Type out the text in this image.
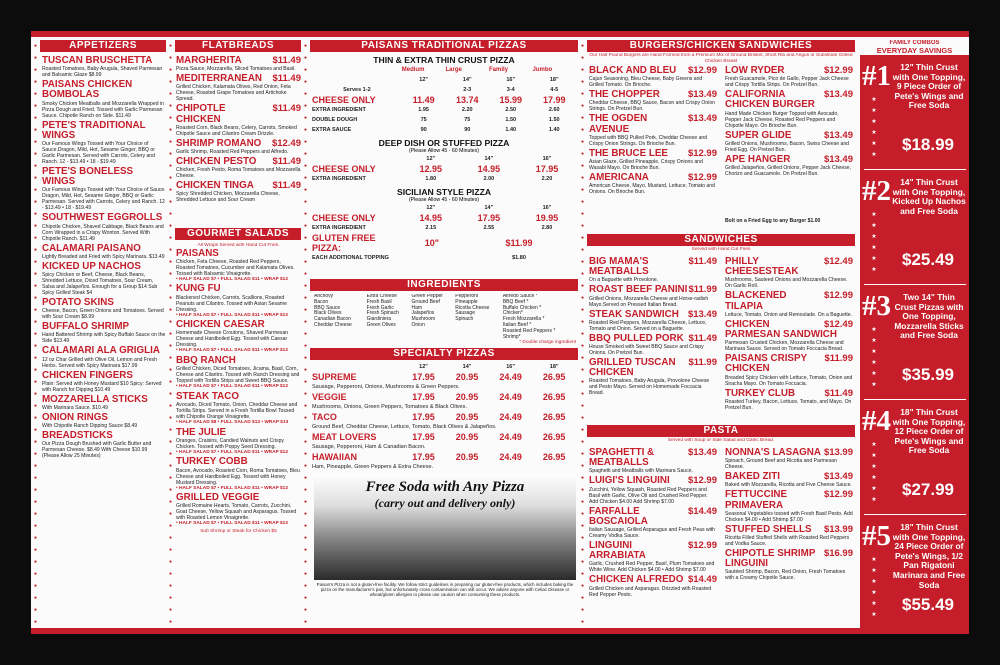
● ● ● ● ● ● ● ● ● ● ● ● ● ● ● ● ● ● ● ● ● ● ● ● ● ● ● ● ● ● ● ● ● ● ● ● ● ● ● ● ● ● ● ● ● ● ● ● ●
● ● ● ● ● ● ● ● ● ● ● ● ● ● ● ● ● ● ● ● ● ● ● ● ● ● ● ● ● ● ● ● ● ● ● ● ● ● ● ● ● ● ● ● ● ● ● ● ●
● ● ● ● ● ● ● ● ● ● ● ● ● ● ● ● ● ● ● ● ● ● ● ● ● ● ● ● ● ● ● ● ● ● ● ● ● ● ● ● ● ● ● ● ● ● ● ● ●
● ● ● ● ● ● ● ● ● ● ● ● ● ● ● ● ● ● ● ● ● ● ● ● ● ● ● ● ● ● ● ● ● ● ● ● ● ● ● ● ● ● ● ● ● ● ● ● ●
APPETIZERS
TUSCAN BRUSCHETTA
Roasted Tomatoes, Baby Arugula, Shaved Parmesan and Balsamic Glaze $8.99
PAISANS CHICKEN BOMBOLAS
Smoky Chicken Meatballs and Mozzarella Wrapped in Pizza Dough and Fried. Tossed with Garlic Parmesan Sauce. Chipotle Ranch on Side. $11.49
PETE'S TRADITIONAL WINGS
Our Famous Wings Tossed with Your Choice of Sauce.Dragon, Mild, Hot, Sesame Ginger, BBQ or Garlic Parmesan. Served with Carrots, Celery and Ranch. 12 - $13.49 • 18 - $19.49
PETE'S BONELESS WINGS
Our Famous Wings Tossed with Your Choice of Sauce. Dragon, Mild, Hot, Sesame Ginger, BBQ or Garlic Parmesan. Served with Carrots, Celery and Ranch. 12 - $13.49 • 18 - $19.49
SOUTHWEST EGGROLLS
Chipotle Chicken, Shaved Cabbage, Black Beans and Corn Wrapped in a Crispy Wonton. Served With Chipotle Ranch. $11.49
CALAMARI PAISANO
Lightly Breaded and Fried with Spicy Marinara. $13.49
KICKED UP NACHOS
Spicy Chicken or Beef, Cheese, Black Beans, Shredded Lettuce, Diced Tomatoes, Sour Cream, Salsa and Jalapeños. Enough for a Group $14 Sub Spicy Grilled Steak $4
POTATO SKINS
Cheese, Bacon, Green Onions and Tomatoes. Served with Sour Cream $8.99
BUFFALO SHRIMP
Hand Battered Shrimp with Spicy Buffalo Sauce on the Side $13.49
CALAMARI ALA GRIGLIA
12 oz Char Grilled with Olive Oil, Lemon and Fresh Herbs. Served with Spicy Marinara $17.99
CHICKEN FINGERS
Plain: Served with Honey Mustard $10 Spicy: Served with Ranch for Dipping $10.49
MOZZARELLA STICKS
With Marinara Sauce. $10.49
ONION RINGS
With Chipotle Ranch Dipping Sauce $8.49
BREADSTICKS
Our Pizza Dough Brushed with Garlic Butter and Parmesan Cheese. $8.49 With Cheese $10.99 (Please Allow 25 Minutes)
FLATBREADS
$11.49
MARGHERITA
Pizza Sauce, Mozzarella, Sliced Tomatoes and Basil.
$11.49
MEDITERRANEAN
Grilled Chicken, Kalamata Olives, Red Onion, Feta Cheese, Roasted Grape Tomatoes and Artichoke Spread.
$11.49
CHIPOTLE CHICKEN
Roasted Corn, Black Beans, Celery, Carrots, Smoked Chipotle Sauce and Cilantro Cream Drizzle.
$12.49
SHRIMP ROMANO
Garlic Shrimp, Roasted Red Peppers and Alfredo.
$11.49
CHICKEN PESTO
Chicken, Fresh Pesto, Roma Tomatoes and Mozzarella Cheese.
$11.49
CHICKEN TINGA
Spicy Shredded Chicken, Mozzarella Cheese, Shredded Lettuce and Sour Cream
GOURMET SALADS
All Wraps Served with Hand Cut Fries.
PAISANS
Chicken, Feta Cheese, Roasted Red Peppers, Roasted Tomatoes, Cucumber and Kalamata Olives. Tossed with Balsamic Vinaigrette.
• HALF SALAD $7 • FULL SALAD $11 • WRAP $12
KUNG FU
Blackened Chicken, Carrots, Scallions, Roasted Peanuts and Cilantro. Tossed with Asian Sesame Dressing.
• HALF SALAD $7 • FULL SALAD $11 • WRAP $12
CHICKEN CAESAR
Homemade Cheese Croutons, Shaved Parmesan Cheese and Hardboiled Egg. Tossed with Caesar Dressing.
• HALF SALAD $7 • FULL SALAD $11 • WRAP $12
BBQ RANCH
Grilled Chicken, Diced Tomatoes, Jicama, Basil, Corn, Cheese and Cilantro. Tossed with Ranch Dressing and Topped with Tortilla Strips and Sweet BBQ Sauce.
• HALF SALAD $7 • FULL SALAD $11 • WRAP $12
STEAK TACO
Avocado, Diced Tomato, Onion, Cheddar Cheese and Tortilla Strips. Served in a Fresh Tortilla Bowl Tossed with Chipotle Orange Vinaigrette.
• HALF SALAD $8 • FULL SALAD $13 • WRAP $13
THE JULIE
Oranges, Craisins, Candied Walnuts and Crispy Chicken. Tossed with Poppy Seed Dressing.
• HALF SALAD $7 • FULL SALAD $11 • WRAP $12
TURKEY COBB
Bacon, Avocado, Roasted Corn, Roma Tomatoes, Bleu Cheese and Hardboiled Egg. Tossed with Honey Mustard Dressing.
• HALF SALAD $7 • FULL SALAD $11 • WRAP $12
GRILLED VEGGIE
Grilled Romaine Hearts, Tomato, Carrots, Zucchini, Goat Cheese, Yellow Squash and Asparagus. Tossed with Roasted Lemon Vinaigrette.
• HALF SALAD $7 • FULL SALAD $11 • WRAP $12
Sub Shrimp or Steak for Chicken $5
PAISANS TRADITIONAL PIZZAS
THIN & EXTRA THIN CRUST PIZZA
	Medium	Large	Family	Jumbo
	12"	14"	16"	18"
Serves 1-2		2-3	3-4	4-5
CHEESE ONLY	11.49	13.74	15.99	17.99
EXTRA INGREDIENT	1.95	2.20	2.50	2.60
DOUBLE DOUGH	75	75	1.50	1.50
EXTRA SAUCE	90	90	1.40	1.40
DEEP DISH OR STUFFED PIZZA
(Please Allow 45 - 60 Minutes)
	12"	14"	16"
CHEESE ONLY	12.95	14.95	17.95
EXTRA INGREDIENT	1.80	2.00	2.20
SICILIAN STYLE PIZZA
(Please Allow 45 - 60 Minutes)
	12"	14"	16"
CHEESE ONLY	14.95	17.95	19.95
EXTRA INGREDIENT	2.15	2.55	2.80
GLUTEN FREE PIZZA:	10"	$11.99
EACH ADDITIONAL TOPPING		$1.80
INGREDIENTS
Anchovy
Bacon
BBQ Sauce
Black Olives
Canadian Bacon
Cheddar Cheese

Extra Cheese
Fresh Basil
Fresh Garlic
Fresh Spinach
Giardiniera
Green Olives

Green Pepper
Ground Beef
Ham
Jalapeños
Mushroom
Onion

Pepperoni
Pineapple
Ricotta Cheese
Sausage
Spinach

Alfredo Sauce *
BBQ Beef *
Buffalo Chicken *
Chicken*
Fresh Mozzarella *
Italian Beef *
Roasted Red Peppers *
Shrimp*
* Double charge ingredient
SPECIALTY PIZZAS
	12"	14"	16"	18"
SUPREME	17.95	20.95	24.49	26.95
Sausage, Pepperoni, Onions, Mushrooms & Green Peppers.				
VEGGIE	17.95	20.95	24.49	26.95
Mushrooms, Onions, Green Peppers, Tomatoes & Black Olives.				
TACO	17.95	20.95	24.49	26.95
Ground Beef, Cheddar Cheese, Lettuce, Tomato, Black Olives & Jalapeños.				
MEAT LOVERS	17.95	20.95	24.49	26.95
Sausage, Pepperoni, Ham & Canadian Bacon.				
HAWAIIAN	17.95	20.95	24.49	26.95
Ham, Pineapple, Green Peppers & Extra Cheese.				

Free Soda with Any Pizza
(carry out and delivery only)
Paisan's Pizza is not a gluten-free facility. We follow strict guidelines in preparing our gluten-free products, which includes baking the pizza on the manufacturer's pan, but unfortunately cross contamination can still occur. We advise anyone with Celiac Disease or wheat/gluten allergies to please use caution when consuming these products.
BURGERS/CHICKEN SANDWICHES
Our Half Pound Burgers are Hand Formed from a Premium Mix of Ground Brisket, Short Rib and Angus or Substitute Grilled Chicken Breast
$12.99
BLACK AND BLEU
Cajun Seasoning, Bleu Cheese, Baby Greens and Grilled Tomato. On Brioche.
$13.49
THE CHOPPER
Cheddar Cheese, BBQ Sauce, Bacon and Crispy Onion Strings. On Pretzel Bun.
$13.49
THE OGDEN AVENUE
Topped with BBQ Pulled Pork, Cheddar Cheese and Crispy Onion Strings. On Brioche Bun.
$12.99
THE BRUCE LEE
Asian Glaze, Grilled Pineapple, Crispy Onions and Wasabi Mayo. On Brioche Bun.
$12.99
AMERICANA
American Cheese, Mayo, Mustard, Lettuce, Tomato and Onions. On Brioche Bun.
$12.99
LOW RYDER
Fresh Guacamole, Pico de Gallo, Pepper Jack Cheese and Crispy Tortilla Strips. On Pretzel Bun.
$13.49
CALIFORNIA CHICKEN BURGER
Hand Made Chicken Burger Topped with Avocado, Pepper Jack Cheese, Roasted Red Peppers and Chipotle Mayo. On Brioche Bun.
$13.49
SUPER GLIDE
Grilled Onions, Mushrooms, Bacon, Swiss Cheese and Fried Egg. On Pretzel Bun.
$13.49
APE HANGER
Grilled Jalapeños, Grilled Onions, Pepper Jack Cheese, Chorizo and Guacamole. On Pretzel Bun.
Bolt on a Fried Egg to any Burger $1.00
SANDWICHES
Served with Hand Cut Fries
$11.49
BIG MAMA'S MEATBALLS
On a Baguette with Provolone.
$11.99
ROAST BEEF PANINI
Grilled Onions, Mozzarella Cheese and Horse-radish Mayo.Served on Pressed Italian Bread.
$13.49
STEAK SANDWICH
Roasted Red Peppers, Mozzarella Cheese, Lettuce, Tomato and Onion. Served on a Baguette.
$11.49
BBQ PULLED PORK
House Smoked with Sweet BBQ Sauce and Crispy Onions. On Pretzel Bun.
$11.99
GRILLED TUSCAN CHICKEN
Roasted Tomatoes, Baby Arugula, Provolone Cheese and Pesto Mayo. Served on Homemade Foccacia Bread.
$12.49
PHILLY CHEESESTEAK
Mushrooms, Sauteed Onions and Mozzarella Cheese. On Garlic Roll.
$12.99
BLACKENED TILAPIA
Lettuce, Tomato, Onion and Remoulade. On a Baguette.
$12.49
CHICKEN PARMESAN SANDWICH
Parmesan Crusted Chicken, Mozzarella Cheese and Marinara Sauce. Served on Tomato Foccacia Bread.
$11.99
PAISANS CRISPY CHICKEN
Breaded Spicy Chicken with Lettuce, Tomato, Onion and Siracha Mayo. On Tomato Foccacia.
$11.49
TURKEY CLUB
Roasted Turkey, Bacon, Lettuce, Tomato, and Mayo. On Pretzel Bun.
PASTA
Served with Soup or Side Salad and Garlic Bread.
$13.49
SPAGHETTI & MEATBALLS
Spaghetti and Meatballs with Marinara Sauce.
$12.99
LUIGI'S LINGUINI
Zucchini, Yellow Squash, Roasted Red Peppers and Basil with Garlic, Olive Oil and Crushed Red Pepper. Add Chicken $4.00 Add Shrimp $7.00
$14.49
FARFALLE BOSCAIOLA
Italian Sausage, Grilled Asparagus and Fresh Peas with Creamy Vodka Sauce.
$12.99
LINGUINI ARRABIATA
Garlic, Crushed Red Pepper, Basil, Plum Tomatoes and White Wine. Add Chicken $4.00 • Add Shrimp $7.00
$14.49
CHICKEN ALFREDO
Grilled Chicken and Asparagus. Drizzled with Roasted Red Pepper Pesto.
$13.99
NONNA'S LASAGNA
Spinach, Ground Beef and Ricotta and Parmesan Cheese.
$13.49
BAKED ZITI
Baked with Mozzarella, Ricotta and Five Cheese Sauce.
$12.99
FETTUCCINE PRIMAVERA
Seasonal Vegetables tossed with Fresh Basil Pesto. Add Chicken $4.00 • Add Shrimp $7.00
$13.99
STUFFED SHELLS
Ricotta Filled Stuffed Shells with Roasted Red Peppers and Vodka Sauce.
$16.99
CHIPOTLE SHRIMP LINGUINI
Sautéed Shrimp, Bacon, Red Onion, Fresh Tomatoes with a Creamy Chipotle Sauce.
FAMILY COMBOS
EVERYDAY SAVINGS
#1
★
★
★
★
★
★
12" Thin Crust with One Topping, 9 Piece Order of Pete's Wings and Free Soda
$18.99
#2
★
★
★
★
★
★
14" Thin Crust with One Topping, Kicked Up Nachos and Free Soda
$25.49
#3
★
★
★
★
★
★
Two 14" Thin Crust Pizzas with One Topping, Mozzarella Sticks and Free Soda
$35.99
#4
★
★
★
★
★
★
18" Thin Crust with One Topping, 12 Piece Order of Pete's Wings and Free Soda
$27.99
#5
★
★
★
★
★
★
18" Thin Crust with One Topping, 24 Piece Order of Pete's Wings, 1/2 Pan Rigatoni Marinara and Free Soda
$55.49
